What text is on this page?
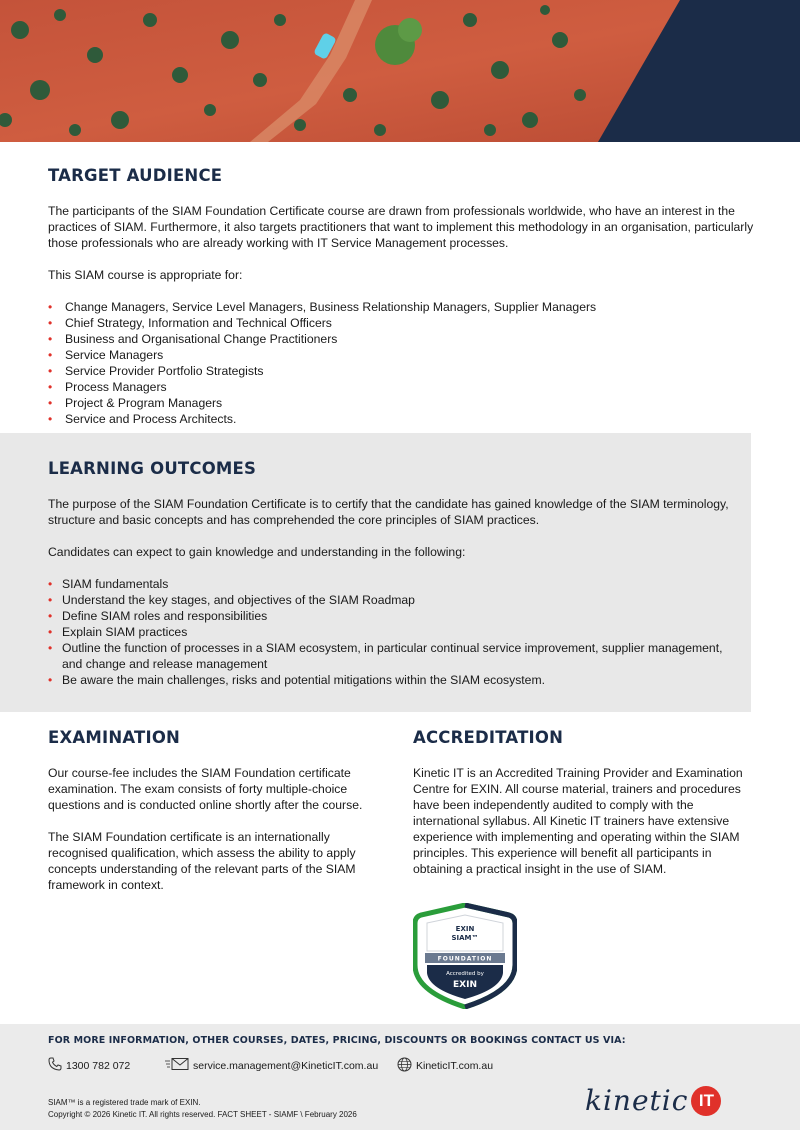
TARGET AUDIENCE

The participants of the SIAM Foundation Certificate course are drawn from professionals worldwide, who have an interest in the practices of SIAM. Furthermore, it also targets practitioners that want to implement this methodology in an organisation, particularly those professionals who are already working with IT Service Management processes.

This SIAM course is appropriate for:

• Change Managers, Service Level Managers, Business Relationship Managers, Supplier Managers
• Chief Strategy, Information and Technical Officers
• Business and Organisational Change Practitioners
• Service Managers
• Service Provider Portfolio Strategists
• Process Managers
• Project & Program Managers
• Service and Process Architects.
LEARNING OUTCOMES

The purpose of the SIAM Foundation Certificate is to certify that the candidate has gained knowledge of the SIAM terminology, structure and basic concepts and has comprehended the core principles of SIAM practices.

Candidates can expect to gain knowledge and understanding in the following:

• SIAM fundamentals
• Understand the key stages, and objectives of the SIAM Roadmap
• Define SIAM roles and responsibilities
• Explain SIAM practices
• Outline the function of processes in a SIAM ecosystem, in particular continual service improvement, supplier management, and change and release management
• Be aware the main challenges, risks and potential mitigations within the SIAM ecosystem.
EXAMINATION

Our course-fee includes the SIAM Foundation certificate examination. The exam consists of forty multiple-choice questions and is conducted online shortly after the course.

The SIAM Foundation certificate is an internationally recognised qualification, which assess the ability to apply concepts understanding of the relevant parts of the SIAM framework in context.

ACCREDITATION

Kinetic IT is an Accredited Training Provider and Examination Centre for EXIN. All course material, trainers and procedures have been independently audited to comply with the international syllabus. All Kinetic IT trainers have extensive experience with implementing and operating within the SIAM principles. This experience will benefit all participants in obtaining a practical insight in the use of SIAM.

EXIN
SIAM™
FOUNDATION
Accredited by
EXIN
FOR MORE INFORMATION, OTHER COURSES, DATES, PRICING, DISCOUNTS OR BOOKINGS CONTACT US VIA:
1300 782 072	service.management@KineticIT.com.au	KineticIT.com.au
SIAM™ is a registered trade mark of EXIN.
Copyright © 2026 Kinetic IT. All rights reserved. FACT SHEET - SIAMF \ February 2026	kinetic IT
